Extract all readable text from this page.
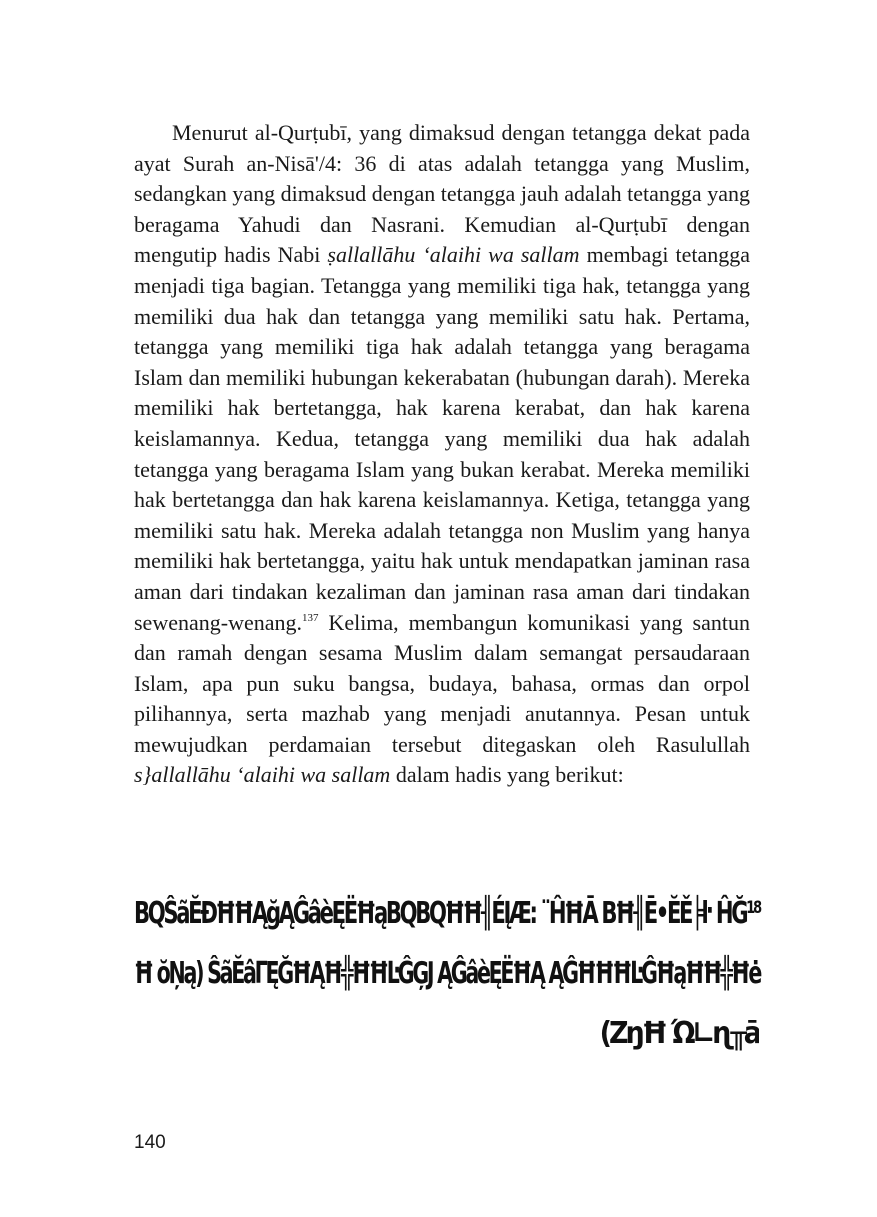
Menurut al-Qurṭubī, yang dimaksud dengan tetangga dekat pada ayat Surah an-Nisā'/4: 36 di atas adalah tetangga yang Muslim, sedangkan yang dimaksud dengan tetangga jauh adalah tetangga yang beragama Yahudi dan Nasrani. Kemudian al-Qurṭubī dengan mengutip hadis Nabi ṣallallāhu ‘alaihi wa sallam membagi tetangga menjadi tiga bagian. Tetangga yang memiliki tiga hak, tetangga yang memiliki dua hak dan tetangga yang memiliki satu hak. Pertama, tetangga yang memiliki tiga hak adalah tetangga yang beragama Islam dan memiliki hubungan kekerabatan (hubungan darah). Mereka memiliki hak bertetangga, hak karena kerabat, dan hak karena keislamannya. Kedua, tetangga yang memiliki dua hak adalah tetangga yang beragama Islam yang bukan kerabat. Mereka memiliki hak bertetangga dan hak karena keislamannya. Ketiga, tetangga yang memiliki satu hak. Mereka adalah tetangga non Muslim yang hanya memiliki hak bertetangga, yaitu hak untuk mendapatkan jaminan rasa aman dari tindakan kezaliman dan jaminan rasa aman dari tindakan sewenang-wenang.$^{137}$ Kelima, membangun komunikasi yang santun dan ramah dengan sesama Muslim dalam semangat persaudaraan Islam, apa pun suku bangsa, budaya, bahasa, ormas dan orpol pilihannya, serta mazhab yang menjadi anutannya. Pesan untuk mewujudkan perdamaian tersebut ditegaskan oleh Rasulullah s}allallāhu ‘alaihi wa sallam dalam hadis yang berikut:

BQŜãĔĐĦĦĄğĄĜâèĘËĦąBQBQĦĦ╢ÉĮÆ: ¨ĤĦĀ BĦ╢Ē•ĔĚ╞ŀ ĤĞ¹⁸
Ħ ŏŅą) ŜãĔâГĘĞĦĄĦ╬ĦĦĿĜĢJ ĄĜâèĘËĦĄ ĄĜĦĦĦĿĜĦąĦĦ╬Ħė
(ZŋĦ Ώ∟ɳ╥ā
140
